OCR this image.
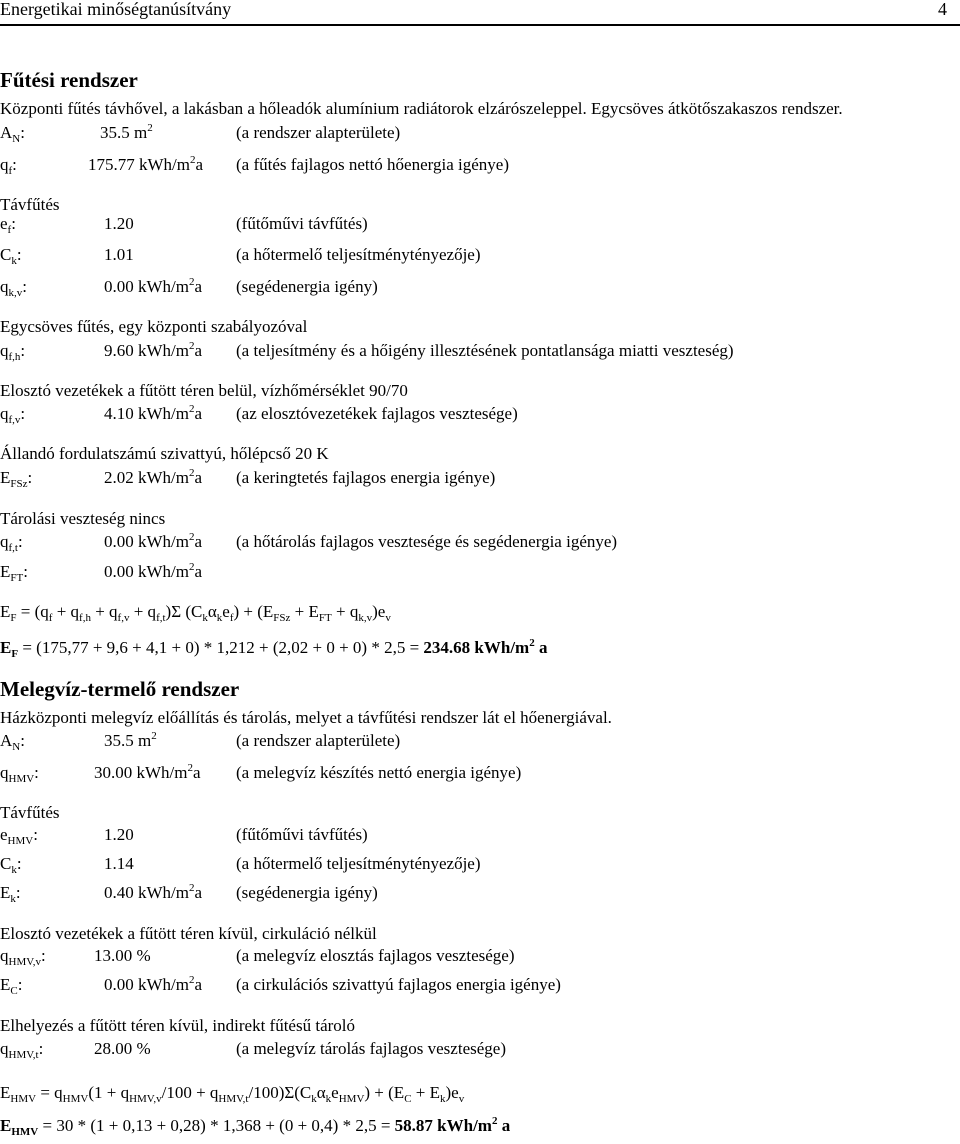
Energetikai minőségtanúsítvány	4
Fűtési rendszer
Központi fűtés távhővel, a lakásban a hőleadók alumínium radiátorok elzárószeleppel. Egycsöves átkötőszakaszos rendszer.
$A_N$:	35.5 $m^2$	(a rendszer alapterülete)
$q_f$:	175.77 kWh/$m^2a$ (a fűtés fajlagos nettó hőenergia igénye)
Távfűtés
$e_f$:	1.20	(fűtőművi távfűtés)
$C_k$:	1.01	(a hőtermelő teljesítménytényezője)
$q_{k,v}$:	0.00 kWh/$m^2a$ (segédenergia igény)
Egycsöves fűtés, egy központi szabályozóval
$q_{f,h}$:	9.60 kWh/$m^2a$ (a teljesítmény és a hőigény illesztésének pontatlansága miatti veszteség)
Elosztó vezetékek a fűtött téren belül, vízhőmérséklet 90/70
$q_{f,v}$:	4.10 kWh/$m^2a$ (az elosztóvezetékek fajlagos vesztesége)
Állandó fordulatszámú szivattyú, hőlépcső 20 K
$E_{FSz}$:	2.02 kWh/$m^2a$ (a keringtetés fajlagos energia igénye)
Tárolási veszteség nincs
$q_{f,t}$:	0.00 kWh/$m^2a$ (a hőtárolás fajlagos vesztesége és segédenergia igénye)
$E_{FT}$:	0.00 kWh/$m^2a$
$E_F = (q_f + q_{f,h} + q_{f,v} + q_{f,t})\Sigma$ $(C_k\alpha_ke_f) + (E_{FSz} + E_{FT} + q_{k,v})e_v$
$E_F = (175,77 + 9,6 + 4,1 + 0) * 1,212 + (2,02 + 0 + 0) * 2,5 = 234.68$ kWh/$m^2$ a
Melegvíz-termelő rendszer
Házközponti melegvíz előállítás és tárolás, melyet a távfűtési rendszer lát el hőenergiával.
$A_N$:	35.5 $m^2$	(a rendszer alapterülete)
$q_{HMV}$:	30.00 kWh/$m^2a$ (a melegvíz készítés nettó energia igénye)
Távfűtés
$e_{HMV}$:	1.20	(fűtőművi távfűtés)
$C_k$:	1.14	(a hőtermelő teljesítménytényezője)
$E_k$:	0.40 kWh/$m^2a$ (segédenergia igény)
Elosztó vezetékek a fűtött téren kívül, cirkuláció nélkül
$q_{HMV,v}$:	13.00 %	(a melegvíz elosztás fajlagos vesztesége)
$E_C$:	0.00 kWh/$m^2a$ (a cirkulációs szivattyú fajlagos energia igénye)
Elhelyezés a fűtött téren kívül, indirekt fűtésű tároló
$q_{HMV,t}$:	28.00 %	(a melegvíz tárolás fajlagos vesztesége)
$E_{HMV} = q_{HMV}(1 + q_{HMV,v}/100 + q_{HMV,t}/100)\Sigma(C_k\alpha_ke_{HMV}) + (E_C + E_k)e_v$
$E_{HMV} = 30 * (1 + 0,13 + 0,28) * 1,368 + (0 + 0,4) * 2,5 = 58.87$ kWh/$m^2$ a
